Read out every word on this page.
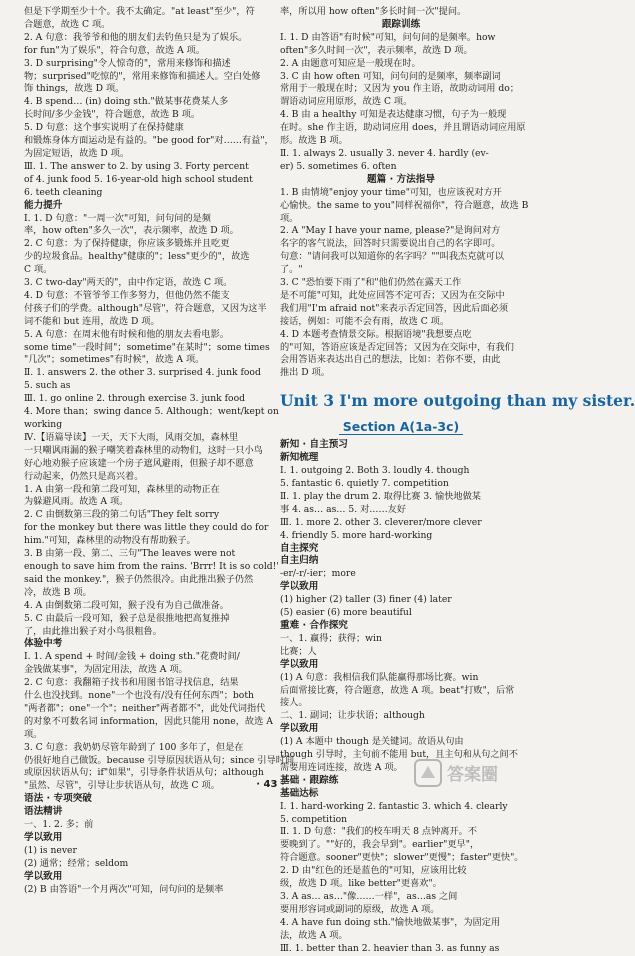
但是下学期至少十个。我不太确定。"at least"至少"，符
合题意，故选 C 项。
2. A 句意：我爷爷和他的朋友们去钓鱼只是为了娱乐。
for fun"为了娱乐"，符合句意，故选 A 项。
3. D surprising"令人惊奇的"，常用来修饰和描述
物；surprised"吃惊的"，常用来修饰和描述人。空白处修
饰 things，故选 D 项。
4. B spend… (in) doing sth."做某事花费某人多
长时间/多少金钱"，符合题意，故选 B 项。
5. D 句意：这个事实说明了在保持健康
和锻炼身体方面运动是有益的。"be good for"对……有益"，
为固定短语，故选 D 项。
Ⅲ. 1. The answer to 2. by using 3. Forty percent
of 4. junk food 5. 16-year-old high school student
6. teeth cleaning
能力提升
Ⅰ. 1. D 句意："一周一次"可知，问句问的是频
率，how often"多久一次"，表示频率，故选 D 项。
2. C 句意：为了保持健康，你应该多锻炼并且吃更
少的垃圾食品。healthy"健康的"；less"更少的"，故选
C 项。
3. C two-day"两天的"，由中作定语，故选 C 项。
4. D 句意：不管爷爷工作多努力，但他仍然不能支
付孩子们的学费。although"尽管"，符合题意，又因为这半
词不能和 but 连用，故选 D 项。
5. A 句意：在周末他有时候和他的朋友去看电影。
some time"一段时间"；sometime"在某时"；some times
"几次"；sometimes"有时候"，故选 A 项。
Ⅱ. 1. answers 2. the other 3. surprised 4. junk food
5. such as
Ⅲ. 1. go online 2. through exercise 3. junk food
4. More than；swing dance 5. Although；went/kept on
working
Ⅳ.【语篇导读】一天，天下大雨，风雨交加，森林里
一只嘲讽雨漏的猴子嘲笑着森林里的动物们，这时一只小鸟
好心地劝猴子应该建一个房子遮风避雨，但猴子却不愿意
行动起来，仍然只是高兴着。
1. A 由第一段和第二段可知，森林里的动物正在
为躲避风雨。故选 A 项。
2. C 由倒数第三段的第二句话"They felt sorry
for the monkey but there was little they could do for
him."可知，森林里的动物没有帮助猴子。
3. B 由第一段、第二、三句"The leaves were not
enough to save him from the rains. 'Brrr! It is so cold!'
said the monkey."，猴子仍然很冷。由此推出猴子仍然
冷，故选 B 项。
4. A 由倒数第二段可知，猴子没有为自己做准备。
5. C 由最后一段可知，猴子总是很推地把高复推掉
了，由此推出猴子对小鸟很粗鲁。
体验中考
Ⅰ. 1. A spend + 时间/金钱 + doing sth."花费时间/
金钱做某事"，为固定用法，故选 A 项。
2. C 句意：我翻箱子找书和用图书馆寻找信息，结果
什么也没找到。none"一个也没有/没有任何东西"；both
"两者都"；one"一个"；neither"两者都不"，此处代词指代
的对象不可数名词 information，因此只能用 none，故选 A
项。
3. C 句意：我奶奶尽管年龄到了 100 多年了，但是在
仍很好地自己做饭。because 引导原因状语从句；since 引导时间
或原因状语从句；if"如果"，引导条件状语从句；although
"虽然、尽管"，引导让步状语从句，故选 C 项。
语法 · 专项突破
语法精讲
一、1. 2. 多；前
学以致用
(1) is never
(2) 通常；经常；seldom
学以致用
(2) B 由答语"一个月两次"可知，问句问的是频率
率，所以用 how often"多长时间一次"提问。
跟踪训练
Ⅰ. 1. D 由答语"有时候"可知，问句问的是频率。how
often"多久时间一次"，表示频率，故选 D 项。
2. A 由题意可知应是一般现在时。
3. C 由 how often 可知，问句问的是频率，频率副词
常用于一般现在时；又因为 you 作主语，故助动词用 do；
谓语动词应用原形，故选 C 项。
4. B 由 a healthy 可知是表达健康习惯，句子为一般现
在时。she 作主语，助动词应用 does，并且谓语动词应用原
形。故选 B 项。
Ⅱ. 1. always 2. usually 3. never 4. hardly (ev-
er) 5. sometimes 6. often
题篇 · 方法指导
1. B 由情境"enjoy your time"可知，也应该祝对方开
心愉快。the same to you"同样祝福你"，符合题意，故选 B
项。
2. A "May I have your name, please?"是询问对方
名字的客气说法，回答时只需要说出自己的名字即可。
句意："请问我可以知道你的名字吗？""叫我杰克就可以
了。"
3. C "恐怕要下雨了"和"他们仍然在露天工作
是不可能"可知，此处应回答不定可否；又因为在交际中
我们用"I'm afraid not"来表示否定回答，因此后面必须
接话，例如：可能不会有雨，故选 C 项。
4. D 本题考查情景交际。根据语境"我想要点吃
的"可知，答语应该是否定回答；又因为在交际中，有我们
会用答语来表达出自己的想法，比如：若你不要，由此
推出 D 项。
Unit 3 I'm more outgoing than my sister.
Section A(1a-3c)
新知 · 自主预习
新知梳理
Ⅰ. 1. outgoing 2. Both 3. loudly 4. though
5. fantastic 6. quietly 7. competition
Ⅱ. 1. play the drum 2. 取得比赛 3. 愉快地做某
事 4. as… as… 5. 对……友好
Ⅲ. 1. more 2. other 3. cleverer/more clever
4. friendly 5. more hard-working
自主探究
自主归纳
-er/-r/-ier；more
学以致用
(1) higher (2) taller (3) finer (4) later
(5) easier (6) more beautiful
重难 · 合作探究
一、1. 赢得；获得；win
比赛；人
学以致用
(1) A 句意：我相信我们队能赢得那场比赛。win
后面常接比赛，符合题意，故选 A 项。beat"打败"，后常
接人。
二、1. 副词；让步状语；although
学以致用
(1) A 本题中 though 是关键词。故语从句由
though 引导时，主句前不能用 but，且主句和从句之间不
需要用连词连接，故选 A 项。
基础 · 跟踪练
基础达标
Ⅰ. 1. hard-working 2. fantastic 3. which 4. clearly
5. competition
Ⅱ. 1. D 句意："我们的校车明天 8 点钟离开。不
要晚到了。""好的，我会早到"。earlier"更早"，
符合题意。sooner"更快"；slower"更慢"；faster"更快"。
2. D 由"红色的还是蓝色的"可知，应该用比较
级，故选 D 项。like better"更喜欢"。
3. A as… as…"像……一样"，as…as 之间
要用形容词或副词的原级，故选 A 项。
4. A have fun doing sth."愉快地做某事"，为固定用
法，故选 A 项。
Ⅲ. 1. better than 2. heavier than 3. as funny as
· 43 ·	答案圈
